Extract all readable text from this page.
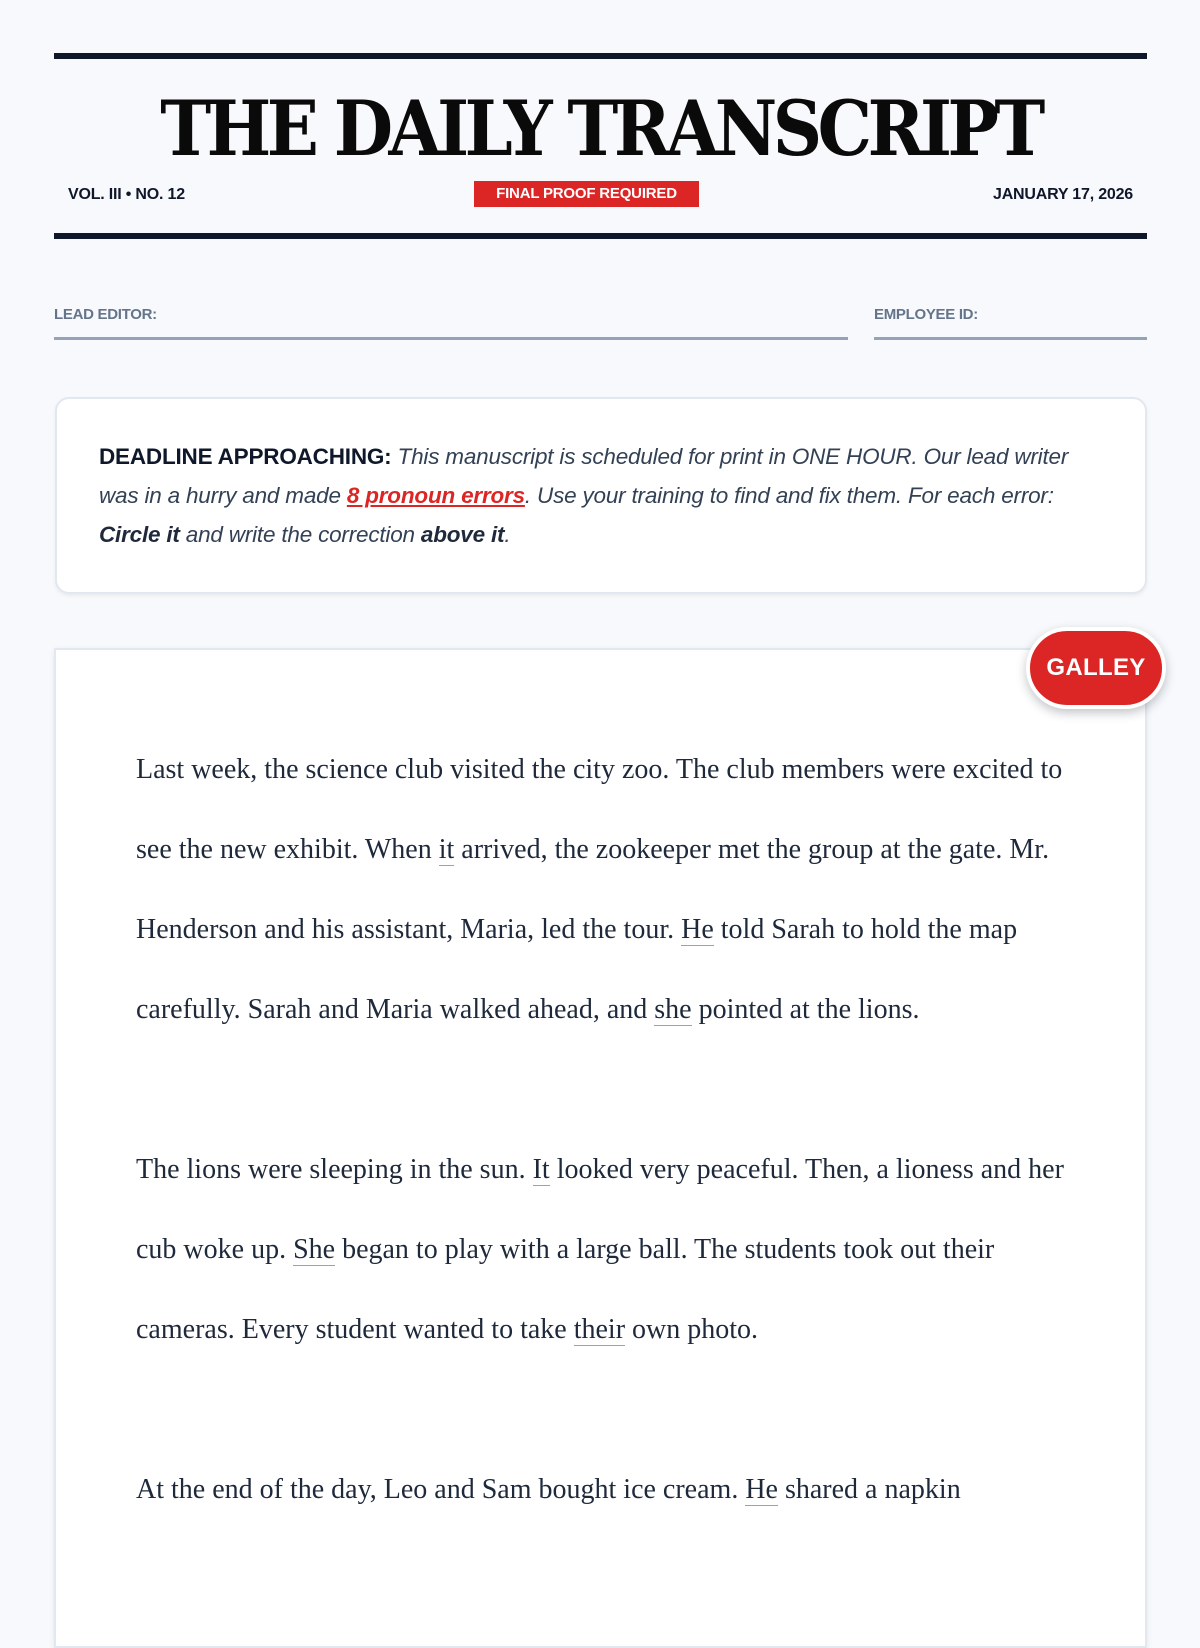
THE DAILY TRANSCRIPT
VOL. III • NO. 12	FINAL PROOF REQUIRED	JANUARY 17, 2026
LEAD EDITOR:	EMPLOYEE ID:
DEADLINE APPROACHING: This manuscript is scheduled for print in ONE HOUR. Our lead writer was in a hurry and made 8 pronoun errors. Use your training to find and fix them. For each error: Circle it and write the correction above it.
GALLEY

Last week, the science club visited the city zoo. The club members were excited to see the new exhibit. When it arrived, the zookeeper met the group at the gate. Mr. Henderson and his assistant, Maria, led the tour. He told Sarah to hold the map carefully. Sarah and Maria walked ahead, and she pointed at the lions.

The lions were sleeping in the sun. It looked very peaceful. Then, a lioness and her cub woke up. She began to play with a large ball. The students took out their cameras. Every student wanted to take their own photo.

At the end of the day, Leo and Sam bought ice cream. He shared a napkin
